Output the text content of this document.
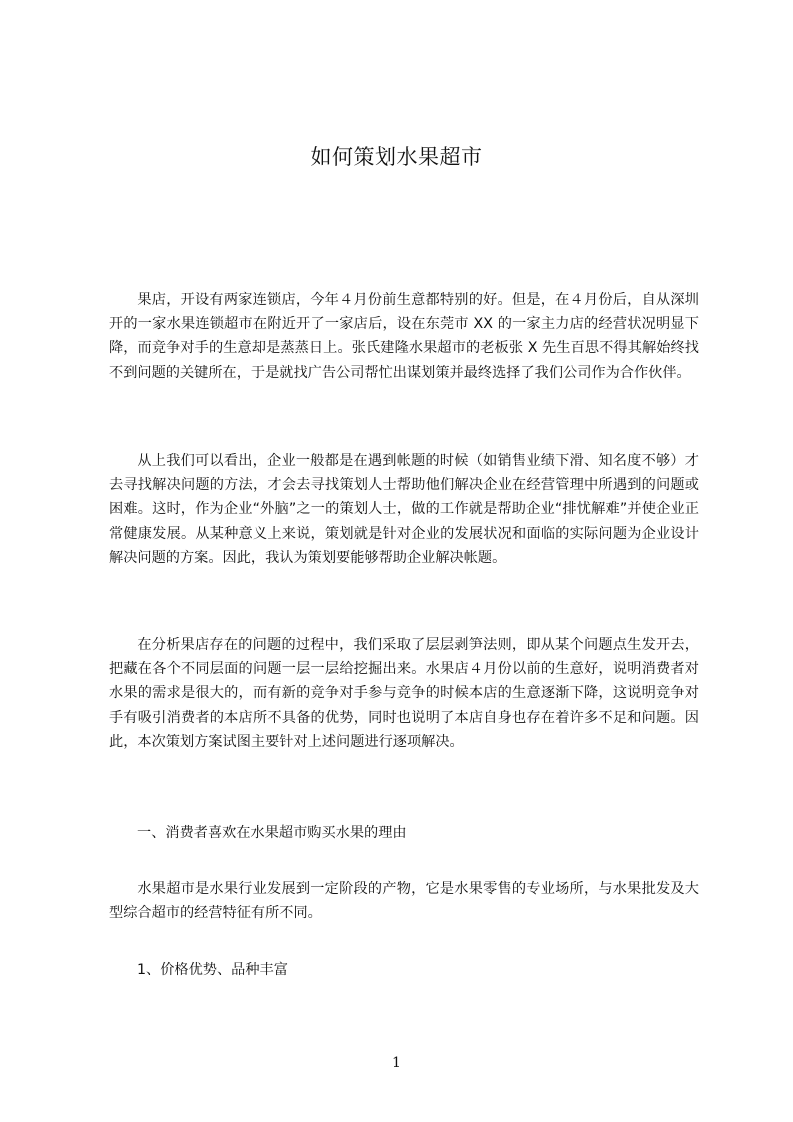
如何策划水果超市

果店，开设有两家连锁店，今年４月份前生意都特别的好。但是，在４月份后，自从深圳开的一家水果连锁超市在附近开了一家店后，设在东莞市 XX 的一家主力店的经营状况明显下降，而竞争对手的生意却是蒸蒸日上。张氏建隆水果超市的老板张 X 先生百思不得其解始终找不到问题的关键所在，于是就找广告公司帮忙出谋划策并最终选择了我们公司作为合作伙伴。

从上我们可以看出，企业一般都是在遇到帐题的时候（如销售业绩下滑、知名度不够）才去寻找解决问题的方法，才会去寻找策划人士帮助他们解决企业在经营管理中所遇到的问题或困难。这时，作为企业“外脑”之一的策划人士，做的工作就是帮助企业“排忧解难”并使企业正常健康发展。从某种意义上来说，策划就是针对企业的发展状况和面临的实际问题为企业设计解决问题的方案。因此，我认为策划要能够帮助企业解决帐题。

在分析果店存在的问题的过程中，我们采取了层层剥笋法则，即从某个问题点生发开去，把藏在各个不同层面的问题一层一层给挖掘出来。水果店４月份以前的生意好，说明消费者对水果的需求是很大的，而有新的竞争对手参与竞争的时候本店的生意逐渐下降，这说明竞争对手有吸引消费者的本店所不具备的优势，同时也说明了本店自身也存在着许多不足和问题。因此，本次策划方案试图主要针对上述问题进行逐项解决。

一、消费者喜欢在水果超市购买水果的理由

水果超市是水果行业发展到一定阶段的产物，它是水果零售的专业场所，与水果批发及大型综合超市的经营特征有所不同。

1、价格优势、品种丰富

1
